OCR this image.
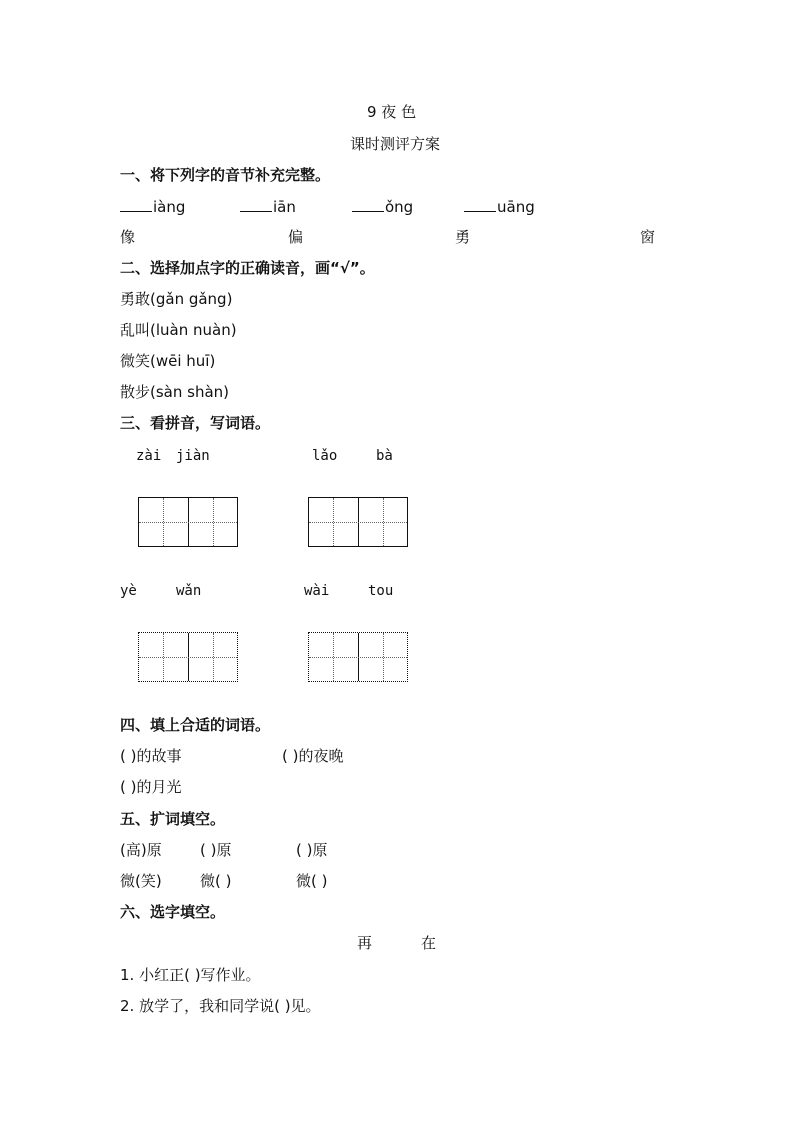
9 夜 色
课时测评方案
一、将下列字的音节补充完整。
iàng	iān	ǒng	uāng
像	偏	勇	窗
二、选择加点字的正确读音，画“√”。
勇敢(gǎn gǎng)
乱叫(luàn nuàn)
微笑(wēi huī)
散步(sàn shàn)
三、看拼音，写词语。
zài jiàn	lǎo	bà
yè	wǎn	wài	tou
四、填上合适的词语。
( )的故事	( )的夜晚
( )的月光
五、扩词填空。
(高)原	( )原	( )原
微(笑)	微( )	微( )
六、选字填空。
再	在
1. 小红正( )写作业。
2. 放学了，我和同学说( )见。
